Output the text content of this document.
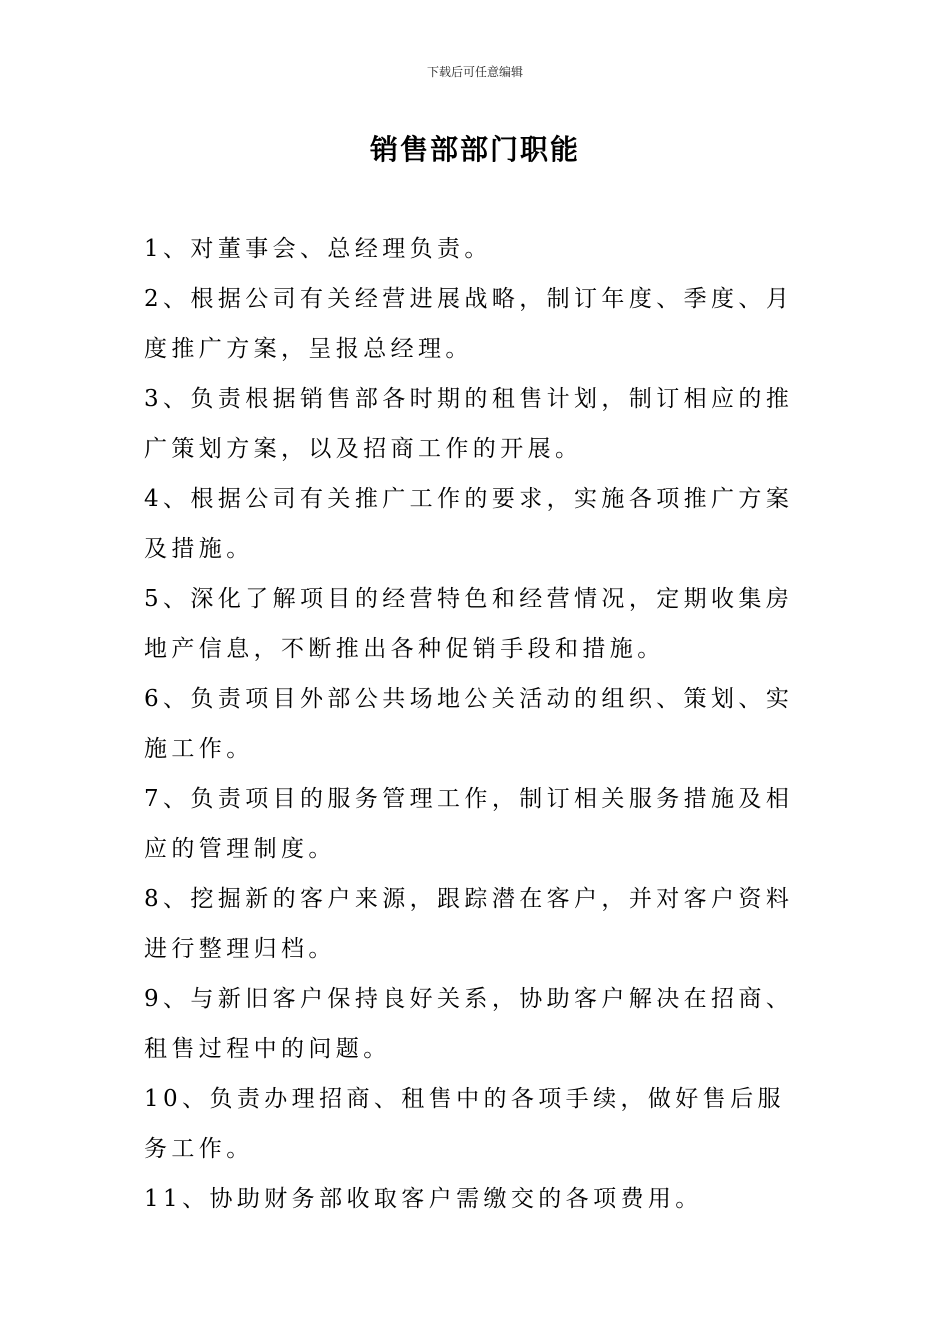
下载后可任意编辑
销售部部门职能
1、对董事会、总经理负责。
2、根据公司有关经营进展战略，制订年度、季度、月度推广方案，呈报总经理。
3、负责根据销售部各时期的租售计划，制订相应的推广策划方案，以及招商工作的开展。
4、根据公司有关推广工作的要求，实施各项推广方案及措施。
5、深化了解项目的经营特色和经营情况，定期收集房地产信息，不断推出各种促销手段和措施。
6、负责项目外部公共场地公关活动的组织、策划、实施工作。
7、负责项目的服务管理工作，制订相关服务措施及相应的管理制度。
8、挖掘新的客户来源，跟踪潜在客户，并对客户资料进行整理归档。
9、与新旧客户保持良好关系，协助客户解决在招商、租售过程中的问题。
10、负责办理招商、租售中的各项手续，做好售后服务工作。
11、协助财务部收取客户需缴交的各项费用。
